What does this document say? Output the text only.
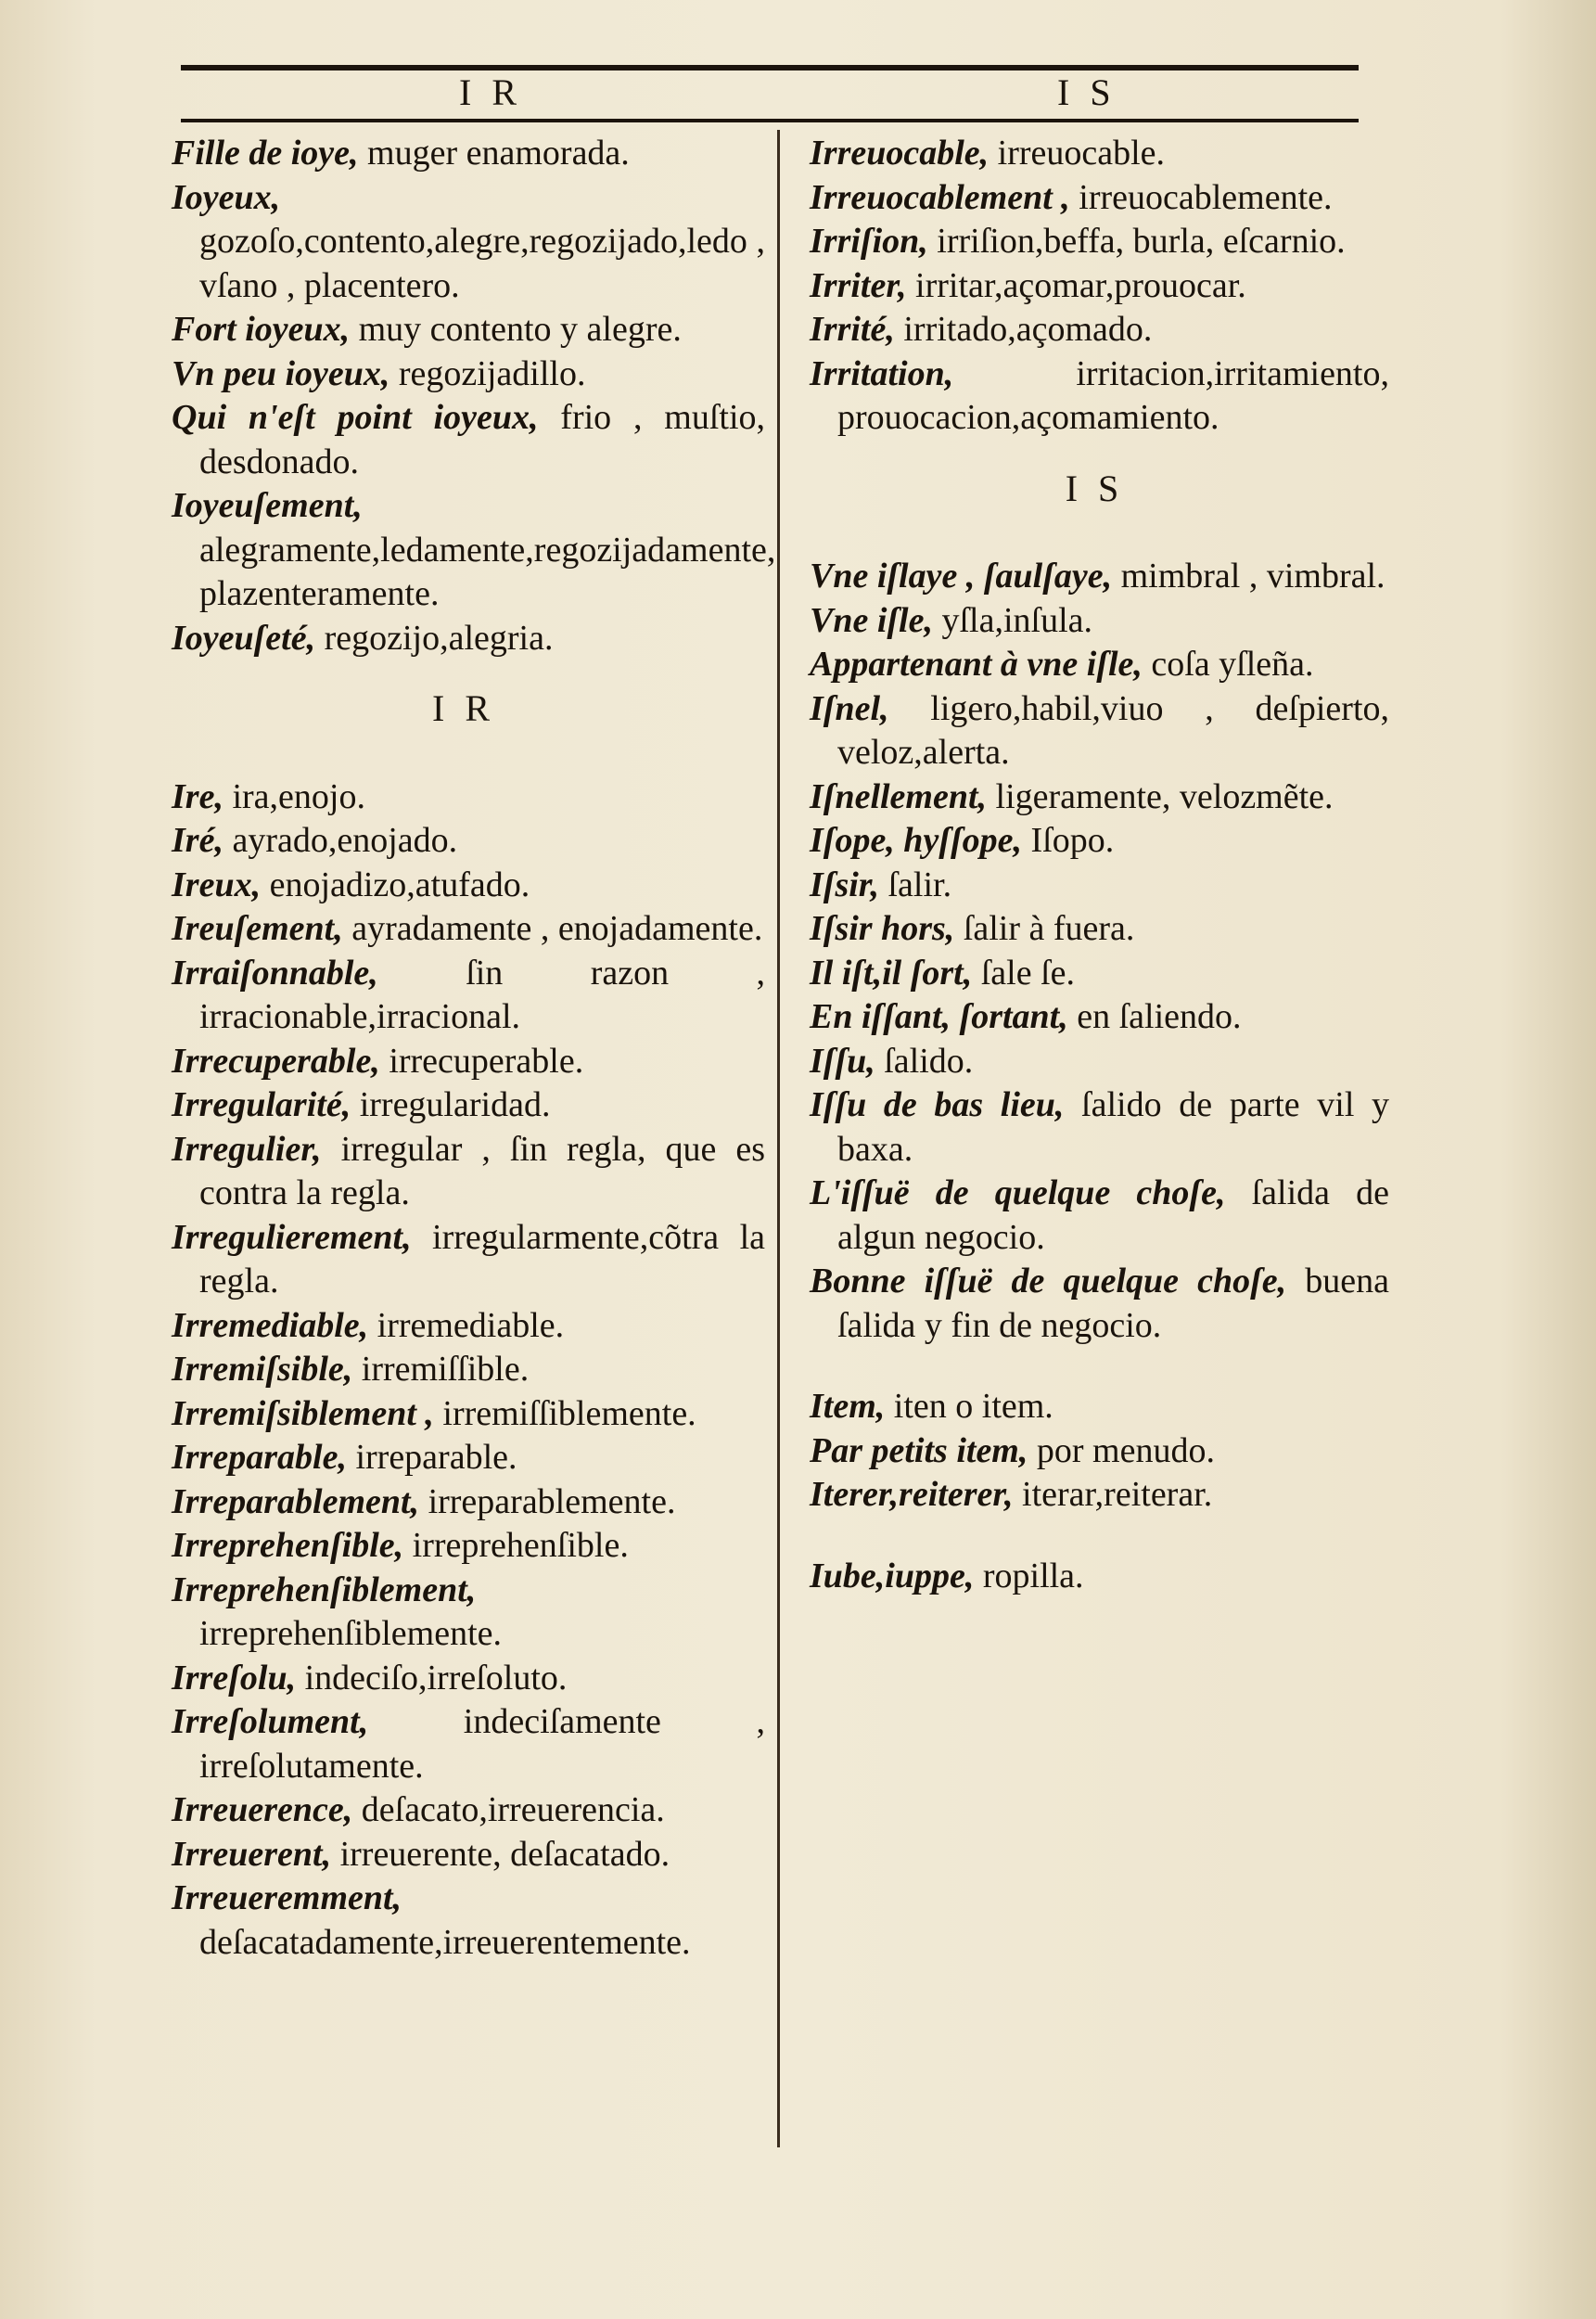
I R	I S
Fille de ioye, muger enamorada.
Ioyeux, gozoſo,contento,alegre,regozijado,ledo , vſano , placentero.
Fort ioyeux, muy contento y alegre.
Vn peu ioyeux, regozijadillo.
Qui n'eſt point ioyeux, frio , muſtio, desdonado.
Ioyeuſement, alegramente,ledamente,regozijadamente, plazenteramente.
Ioyeuſeté, regozijo,alegria.
I R
Ire, ira,enojo.
Iré, ayrado,enojado.
Ireux, enojadizo,atufado.
Ireuſement, ayradamente , enojadamente.
Irraiſonnable, ſin razon , irracionable,irracional.
Irrecuperable, irrecuperable.
Irregularité, irregularidad.
Irregulier, irregular , ſin regla, que es contra la regla.
Irregulierement, irregularmente,cõtra la regla.
Irremediable, irremediable.
Irremiſsible, irremiſſible.
Irremiſsiblement , irremiſſiblemente.
Irreparable, irreparable.
Irreparablement, irreparablemente.
Irreprehenſible, irreprehenſible.
Irreprehenſiblement, irreprehenſiblemente.
Irreſolu, indeciſo,irreſoluto.
Irreſolument,	indeciſamente , irreſolutamente.
Irreuerence, deſacato,irreuerencia.
Irreuerent, irreuerente, deſacatado.
Irreueremment, deſacatadamente,irreuerentemente.
Irreuocable, irreuocable.
Irreuocablement , irreuocablemente.
Irriſion, irriſion,beffa, burla, eſcarnio.
Irriter, irritar,açomar,prouocar.
Irrité, irritado,açomado.
Irritation,	irritacion,irritamiento, prouocacion,açomamiento.
I S
Vne iſlaye , ſaulſaye, mimbral , vimbral.
Vne iſle, yſla,inſula.
Appartenant à vne iſle, coſa yſleña.
Iſnel, ligero,habil,viuo , deſpierto, veloz,alerta.
Iſnellement, ligeramente, velozmẽte.
Iſope, hyſſope, Iſopo.
Iſsir, ſalir.
Iſsir hors, ſalir à fuera.
Il iſt,il ſort, ſale ſe.
En iſſant, ſortant, en ſaliendo.
Iſſu, ſalido.
Iſſu de bas lieu, ſalido de parte vil y baxa.
L'iſſuë de quelque choſe, ſalida de algun negocio.
Bonne iſſuë de quelque choſe, buena ſalida y fin de negocio.
Item, iten o item.
Par petits item, por menudo.
Iterer,reiterer, iterar,reiterar.
Iube,iuppe, ropilla.
